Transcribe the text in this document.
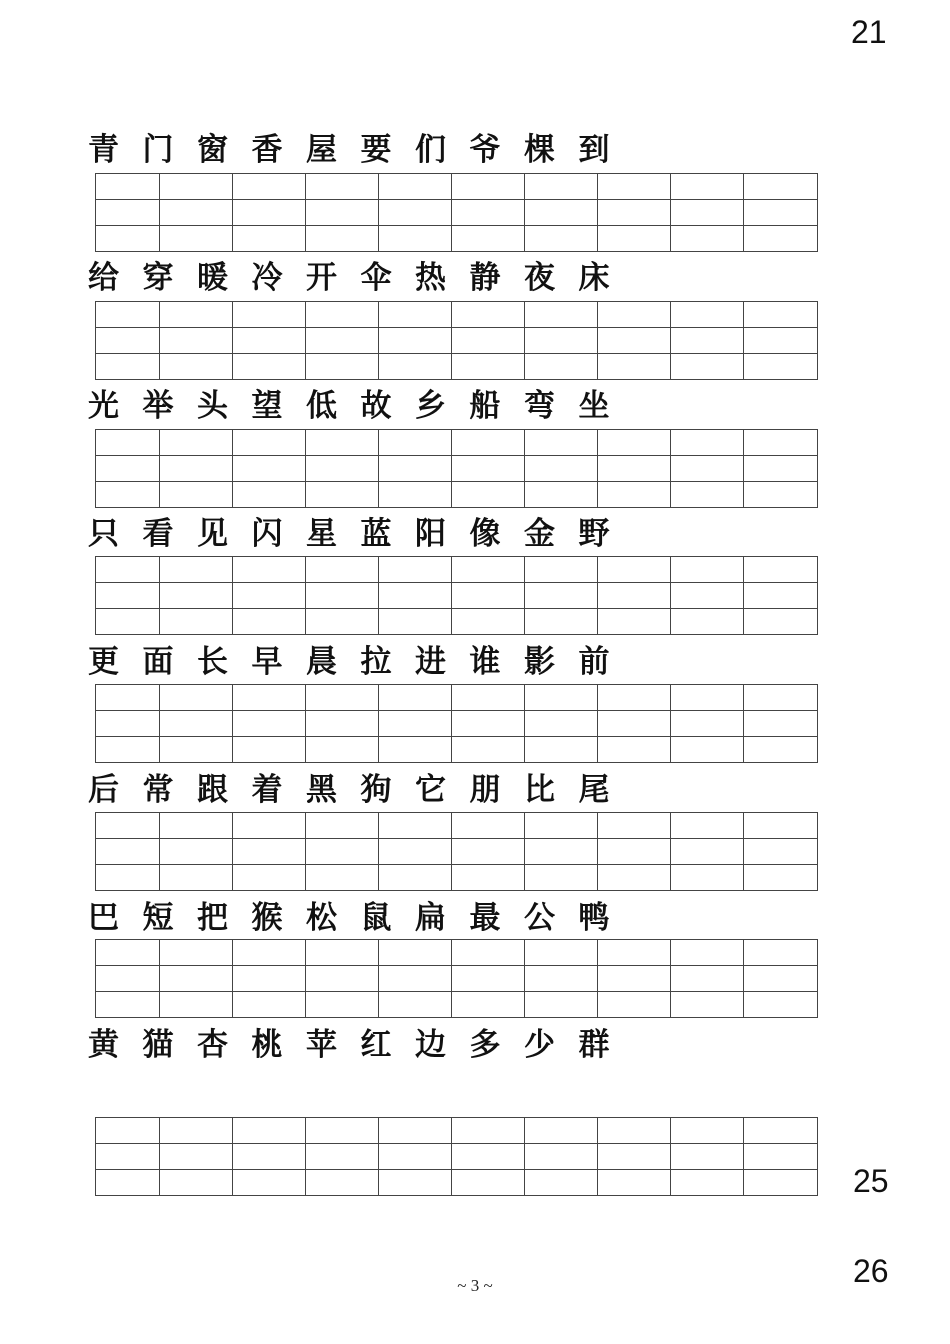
21
25
26
青 门 窗 香 屋 要 们 爷 棵 到

给 穿 暖 冷 开 伞 热 静 夜 床

光 举 头 望 低 故 乡 船 弯 坐

只 看 见 闪 星 蓝 阳 像 金 野

更 面 长 早 晨 拉 进 谁 影 前

后 常 跟 着 黑 狗 它 朋 比 尾

巴 短 把 猴 松 鼠 扁 最 公 鸭

黄 猫 杏 桃 苹 红 边 多 少 群

~ 3 ~
